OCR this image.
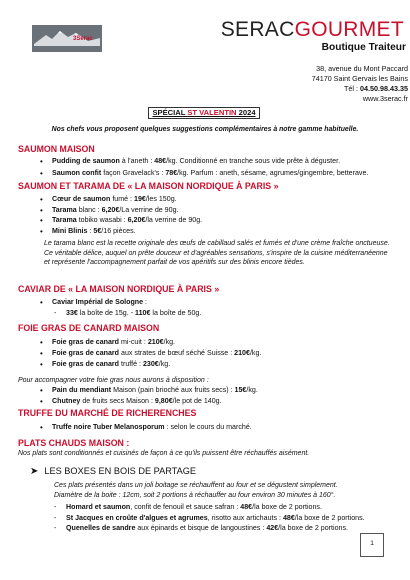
3Serac	SERACGOURMET
Boutique Traiteur
38, avenue du Mont Paccard
74170 Saint Gervais les Bains
Tél : 04.50.98.43.35
www.3serac.fr
SPÉCIAL ST VALENTIN 2024
Nos chefs vous proposent quelques suggestions complémentaires à notre gamme habituelle.
SAUMON MAISON
• Pudding de saumon à l'aneth : 48€/kg. Conditionné en tranche sous vide prête à déguster.
• Saumon confit façon Gravelack's : 78€/kg. Parfum : aneth, sésame, agrumes/gingembre, betterave.
SAUMON ET TARAMA DE « LA MAISON NORDIQUE À PARIS »
• Cœur de saumon fumé : 19€/les 150g.
• Tarama blanc : 6,20€/La verrine de 90g.
• Tarama tobiko wasabi : 6,20€/la verrine de 90g.
• Mini Blinis : 5€/16 pièces.
Le tarama blanc est la recette originale des œufs de cabillaud salés et fumés et d'une crème fraîche onctueuse. Ce véritable délice, auquel on prête douceur et d'agréables sensations, s'inspire de la cuisine méditerranéenne et représente l'accompagnement parfait de vos apéritifs sur des blinis encore tièdes.
CAVIAR DE « LA MAISON NORDIQUE À PARIS »
• Caviar Impérial de Sologne :
- 33€ la boîte de 15g. - 110€ la boîte de 50g.
FOIE GRAS DE CANARD MAISON
• Foie gras de canard mi-cuit : 210€/kg.
• Foie gras de canard aux strates de bœuf séché Suisse : 210€/kg.
• Foie gras de canard truffé : 230€/kg.
Pour accompagner votre foie gras nous aurons à disposition :
• Pain du mendiant Maison (pain brioché aux fruits secs) : 15€/kg.
• Chutney de fruits secs Maison : 9,80€/le pot de 140g.
TRUFFE DU MARCHÉ DE RICHERENCHES
• Truffe noire Tuber Melanosporum : selon le cours du marché.
PLATS CHAUDS MAISON :
Nos plats sont conditionnés et cuisinés de façon à ce qu'ils puissent être réchauffés aisément.
➤ LES BOXES EN BOIS DE PARTAGE
Ces plats présentés dans un joli boitage se réchauffent au four et se dégustent simplement.
Diamètre de la boite : 12cm, soit 2 portions à réchauffer au four environ 30 minutes à 160°.
- Homard et saumon, confit de fenouil et sauce safran : 48€/la boxe de 2 portions.
- St Jacques en croûte d'algues et agrumes, risotto aux artichauts : 48€/la boxe de 2 portions.
- Quenelles de sandre aux épinards et bisque de langoustines : 42€/la boxe de 2 portions.
1
